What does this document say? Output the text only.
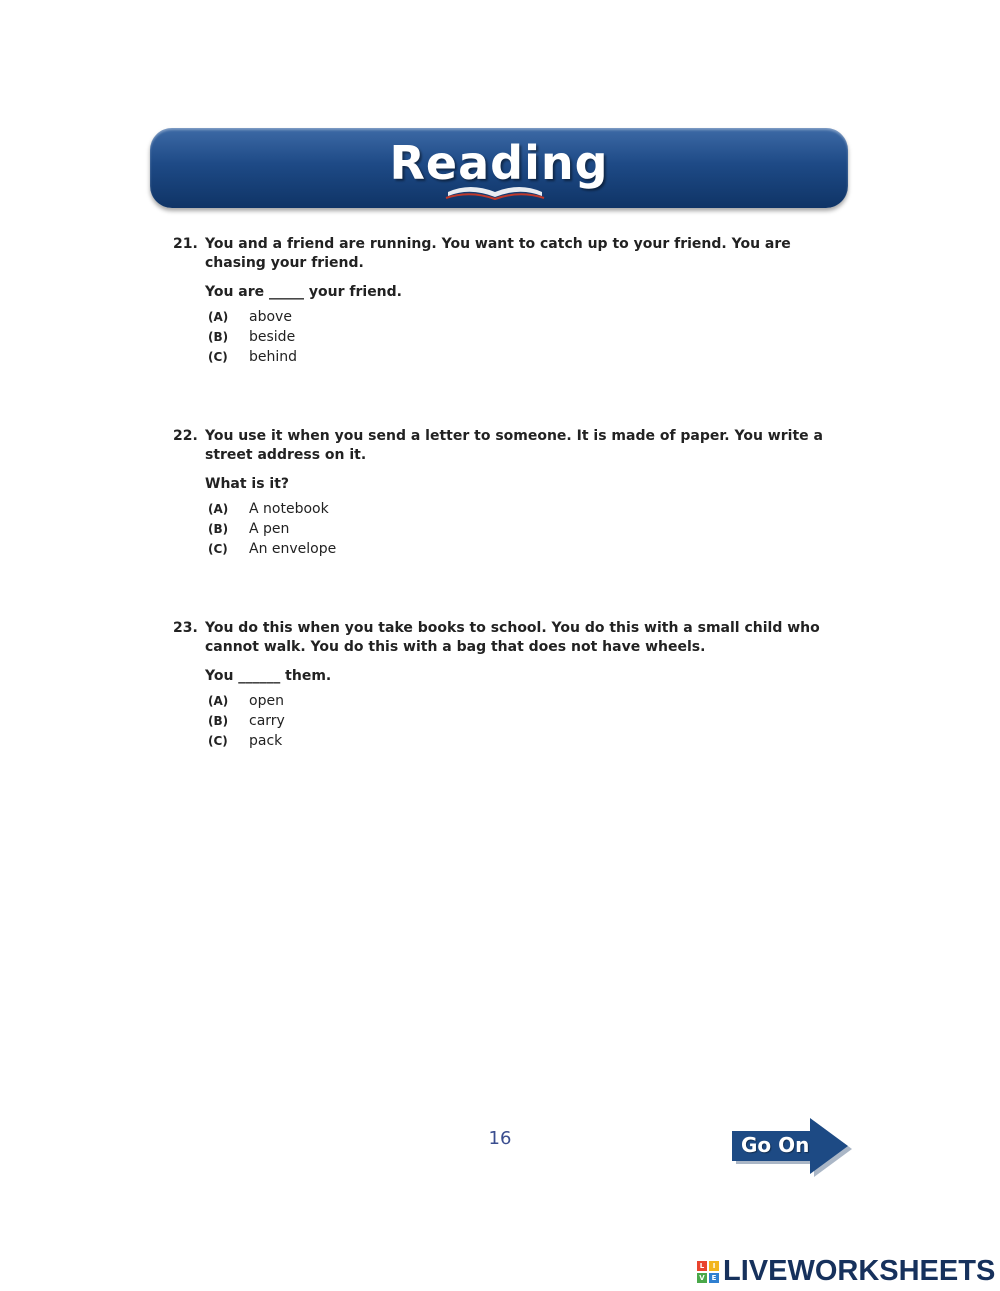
Reading
21. You and a friend are running. You want to catch up to your friend. You are chasing your friend.
You are _____ your friend.
(A)	above
(B)	beside
(C)	behind
22. You use it when you send a letter to someone. It is made of paper. You write a street address on it.
What is it?
(A)	A notebook
(B)	A pen
(C)	An envelope
23. You do this when you take books to school. You do this with a small child who cannot walk. You do this with a bag that does not have wheels.
You ______ them.
(A)	open
(B)	carry
(C)	pack
16	Go On
L	I
V E LIVEWORKSHEETS
